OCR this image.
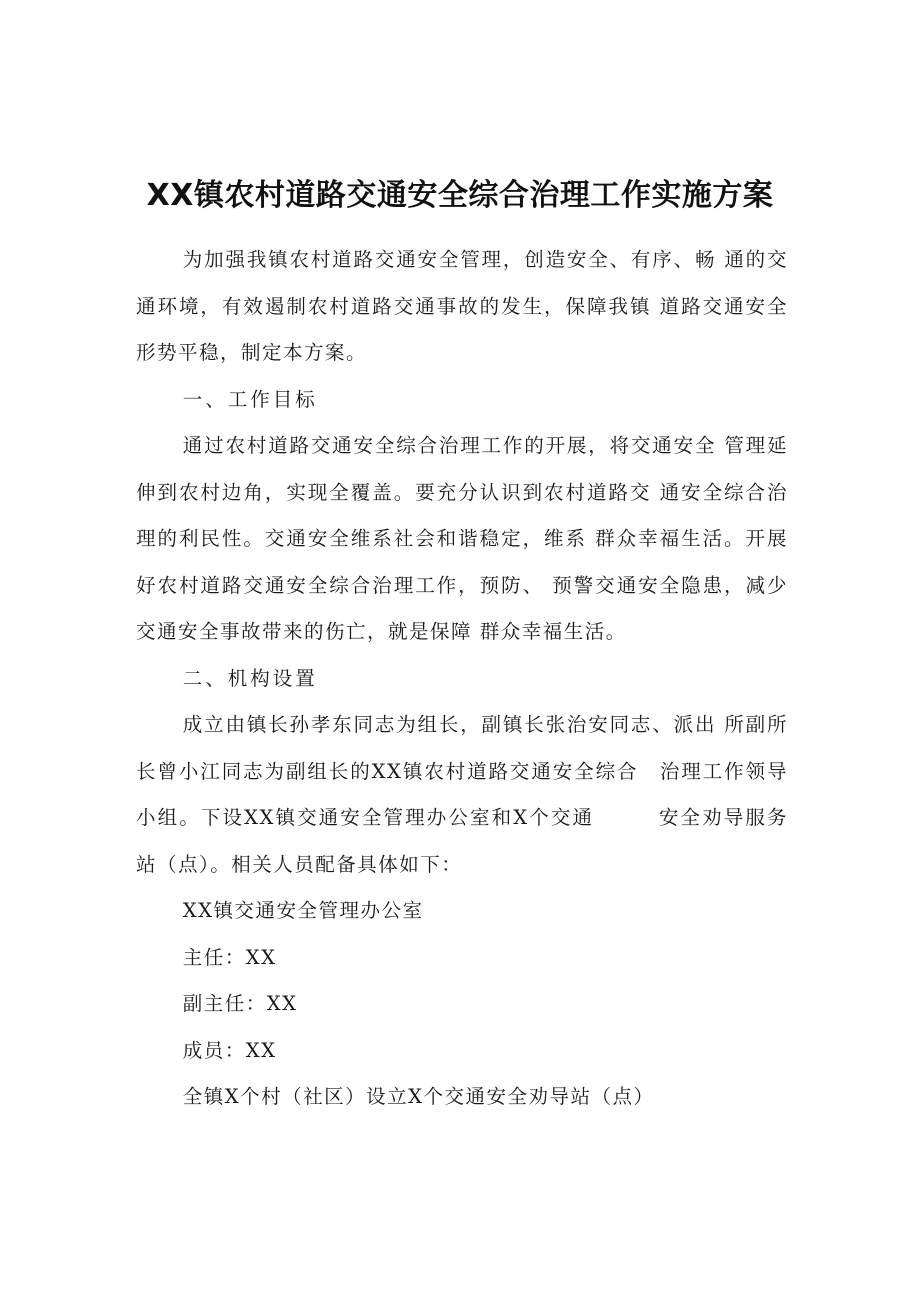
XX镇农村道路交通安全综合治理工作实施方案

为加强我镇农村道路交通安全管理，创造安全、有序、畅 通的交通环境，有效遏制农村道路交通事故的发生，保障我镇 道路交通安全形势平稳，制定本方案。

一、工作目标

通过农村道路交通安全综合治理工作的开展，将交通安全 管理延伸到农村边角，实现全覆盖。要充分认识到农村道路交 通安全综合治理的利民性。交通安全维系社会和谐稳定，维系 群众幸福生活。开展好农村道路交通安全综合治理工作，预防、 预警交通安全隐患，减少交通安全事故带来的伤亡，就是保障 群众幸福生活。

二、机构设置

成立由镇长孙孝东同志为组长，副镇长张治安同志、派出 所副所长曾小江同志为副组长的XX镇农村道路交通安全综合　治理工作领导小组。下设XX镇交通安全管理办公室和X个交通　　　安全劝导服务站（点）。相关人员配备具体如下：

XX镇交通安全管理办公室

主任：XX

副主任：XX

成员：XX

全镇X个村（社区）设立X个交通安全劝导站（点）
